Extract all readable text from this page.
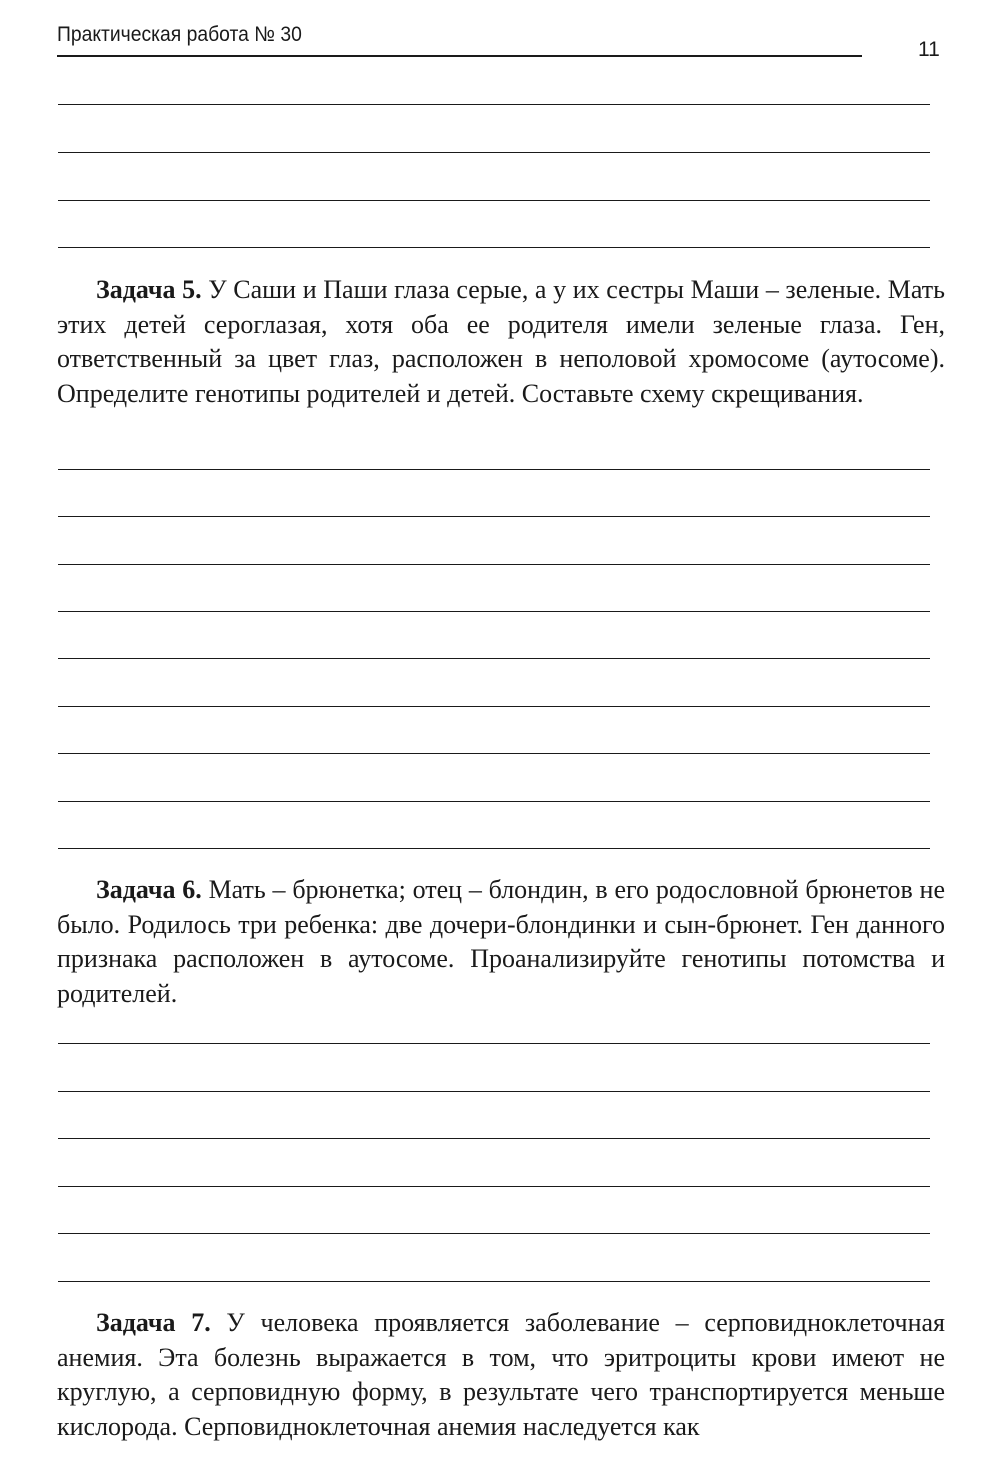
Практическая работа № 30
11

Задача 5. У Саши и Паши глаза серые, а у их сестры Маши – зеленые. Мать этих детей сероглазая, хотя оба ее родителя имели зеленые глаза. Ген, ответственный за цвет глаз, расположен в неполовой хромосоме (аутосоме). Определите генотипы родителей и детей. Составьте схему скрещивания.

Задача 6. Мать – брюнетка; отец – блондин, в его родословной брюнетов не было. Родилось три ребенка: две дочери-блондинки и сын-брюнет. Ген данного признака расположен в аутосоме. Проанализируйте генотипы потомства и родителей.

Задача 7. У человека проявляется заболевание – серповидноклеточная анемия. Эта болезнь выражается в том, что эритроциты крови имеют не круглую, а серповидную форму, в результате чего транспортируется меньше кислорода. Серповидноклеточная анемия наследуется как
